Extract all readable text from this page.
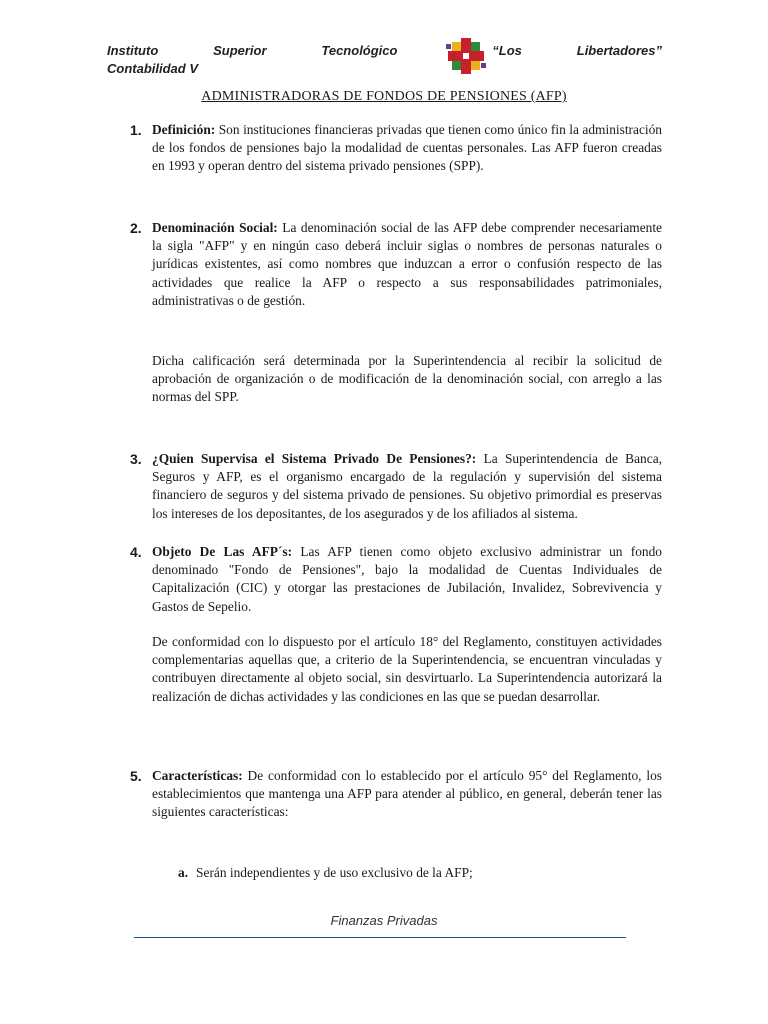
Instituto	Superior	Tecnológico	“Los	Libertadores”
Contabilidad V
ADMINISTRADORAS DE FONDOS DE PENSIONES (AFP)
1. Definición: Son instituciones financieras privadas que tienen como único fin la administración de los fondos de pensiones bajo la modalidad de cuentas personales. Las AFP fueron creadas en 1993 y operan dentro del sistema privado pensiones (SPP).

2. Denominación Social: La denominación social de las AFP debe comprender necesariamente la sigla "AFP" y en ningún caso deberá incluir siglas o nombres de personas naturales o jurídicas existentes, así como nombres que induzcan a error o confusión respecto de las actividades que realice la AFP o respecto a sus responsabilidades patrimoniales, administrativas o de gestión.

Dicha calificación será determinada por la Superintendencia al recibir la solicitud de aprobación de organización o de modificación de la denominación social, con arreglo a las normas del SPP.

3. ¿Quien Supervisa el Sistema Privado De Pensiones?: La Superintendencia de Banca, Seguros y AFP, es el organismo encargado de la regulación y supervisión del sistema financiero de seguros y del sistema privado de pensiones. Su objetivo primordial es preservas los intereses de los depositantes, de los asegurados y de los afiliados al sistema.

4. Objeto De Las AFP´s: Las AFP tienen como objeto exclusivo administrar un fondo denominado "Fondo de Pensiones", bajo la modalidad de Cuentas Individuales de Capitalización (CIC) y otorgar las prestaciones de Jubilación, Invalidez, Sobrevivencia y Gastos de Sepelio.

De conformidad con lo dispuesto por el artículo 18° del Reglamento, constituyen actividades complementarias aquellas que, a criterio de la Superintendencia, se encuentran vinculadas y contribuyen directamente al objeto social, sin desvirtuarlo. La Superintendencia autorizará la realización de dichas actividades y las condiciones en las que se puedan desarrollar.

5. Características: De conformidad con lo establecido por el artículo 95° del Reglamento, los establecimientos que mantenga una AFP para atender al público, en general, deberán tener las siguientes características:

a. Serán independientes y de uso exclusivo de la AFP;
Finanzas Privadas
